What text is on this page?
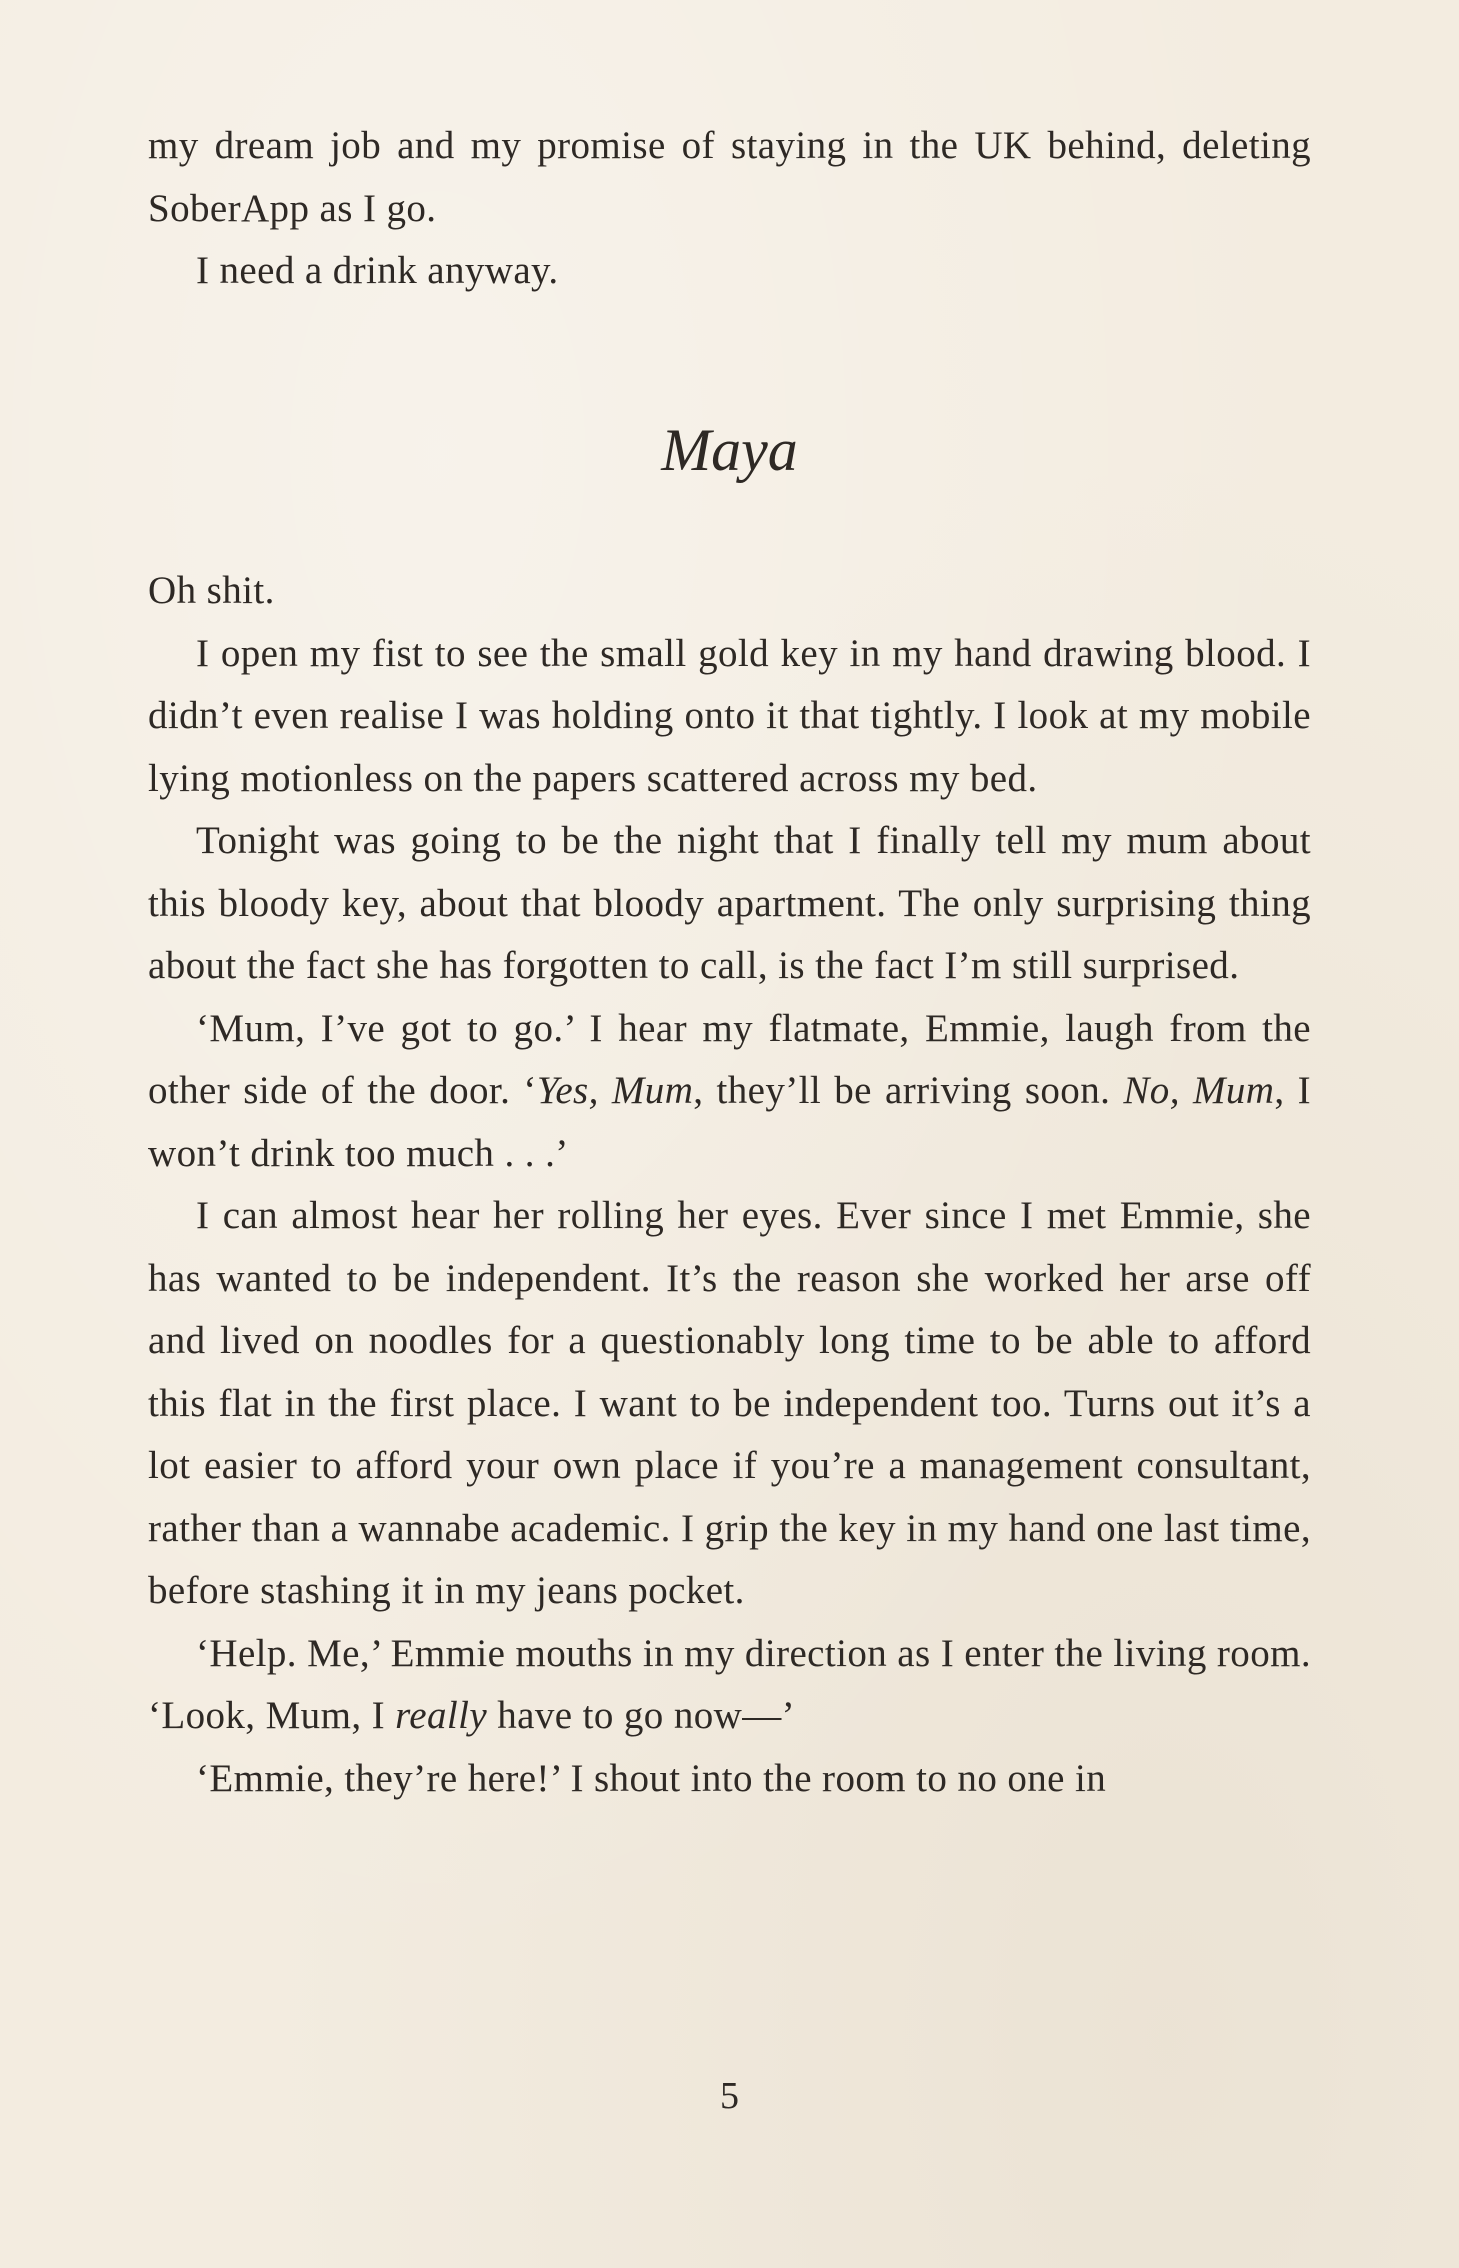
my dream job and my promise of staying in the UK behind, deleting SoberApp as I go.

I need a drink anyway.

Maya

Oh shit.

I open my fist to see the small gold key in my hand drawing blood. I didn’t even realise I was holding onto it that tightly. I look at my mobile lying motionless on the papers scattered across my bed.

Tonight was going to be the night that I finally tell my mum about this bloody key, about that bloody apartment. The only surprising thing about the fact she has forgotten to call, is the fact I’m still surprised.

‘Mum, I’ve got to go.’ I hear my flatmate, Emmie, laugh from the other side of the door. ‘Yes, Mum, they’ll be arriving soon. No, Mum, I won’t drink too much . . .’

I can almost hear her rolling her eyes. Ever since I met Emmie, she has wanted to be independent. It’s the reason she worked her arse off and lived on noodles for a questionably long time to be able to afford this flat in the first place. I want to be independent too. Turns out it’s a lot easier to afford your own place if you’re a management consultant, rather than a wannabe academic. I grip the key in my hand one last time, before stashing it in my jeans pocket.

‘Help. Me,’ Emmie mouths in my direction as I enter the living room. ‘Look, Mum, I really have to go now—’

‘Emmie, they’re here!’ I shout into the room to no one in

5
